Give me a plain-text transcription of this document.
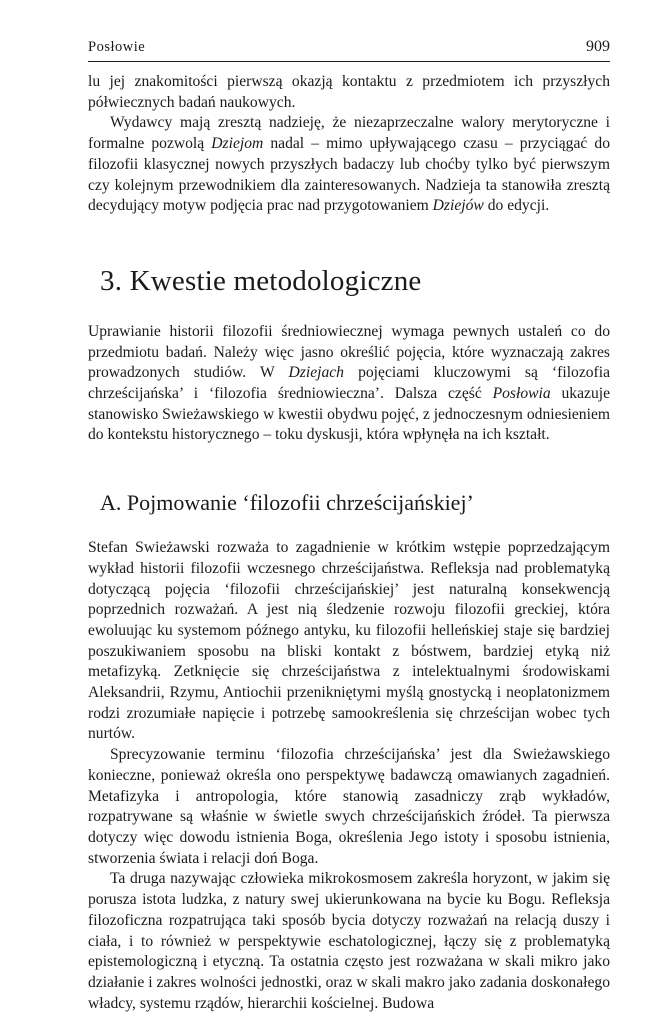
Posłowie	909

lu jej znakomitości pierwszą okazją kontaktu z przedmiotem ich przyszłych półwiecznych badań naukowych.

Wydawcy mają zresztą nadzieję, że niezaprzeczalne walory merytoryczne i formalne pozwolą Dziejom nadal – mimo upływającego czasu – przyciągać do filozofii klasycznej nowych przyszłych badaczy lub choćby tylko być pierwszym czy kolejnym przewodnikiem dla zainteresowanych. Nadzieja ta stanowiła zresztą decydujący motyw podjęcia prac nad przygotowaniem Dziejów do edycji.

3. Kwestie metodologiczne

Uprawianie historii filozofii średniowiecznej wymaga pewnych ustaleń co do przedmiotu badań. Należy więc jasno określić pojęcia, które wyznaczają zakres prowadzonych studiów. W Dziejach pojęciami kluczowymi są ‘filozofia chrześcijańska’ i ‘filozofia średniowieczna’. Dalsza część Posłowia ukazuje stanowisko Swieżawskiego w kwestii obydwu pojęć, z jednoczesnym odniesieniem do kontekstu historycznego – toku dyskusji, która wpłynęła na ich kształt.

A. Pojmowanie ‘filozofii chrześcijańskiej’

Stefan Swieżawski rozważa to zagadnienie w krótkim wstępie poprzedzającym wykład historii filozofii wczesnego chrześcijaństwa. Refleksja nad problematyką dotyczącą pojęcia ‘filozofii chrześcijańskiej’ jest naturalną konsekwencją poprzednich rozważań. A jest nią śledzenie rozwoju filozofii greckiej, która ewoluując ku systemom późnego antyku, ku filozofii helleńskiej staje się bardziej poszukiwaniem sposobu na bliski kontakt z bóstwem, bardziej etyką niż metafizyką. Zetknięcie się chrześcijaństwa z intelektualnymi środowiskami Aleksandrii, Rzymu, Antiochii przenikniętymi myślą gnostycką i neoplatonizmem rodzi zrozumiałe napięcie i potrzebę samookreślenia się chrześcijan wobec tych nurtów.

Sprecyzowanie terminu ‘filozofia chrześcijańska’ jest dla Swieżawskiego konieczne, ponieważ określa ono perspektywę badawczą omawianych zagadnień. Metafizyka i antropologia, które stanowią zasadniczy zrąb wykładów, rozpatrywane są właśnie w świetle swych chrześcijańskich źródeł. Ta pierwsza dotyczy więc dowodu istnienia Boga, określenia Jego istoty i sposobu istnienia, stworzenia świata i relacji doń Boga.

Ta druga nazywając człowieka mikrokosmosem zakreśla horyzont, w jakim się porusza istota ludzka, z natury swej ukierunkowana na bycie ku Bogu. Refleksja filozoficzna rozpatrująca taki sposób bycia dotyczy rozważań na relacją duszy i ciała, i to również w perspektywie eschatologicznej, łączy się z problematyką epistemologiczną i etyczną. Ta ostatnia często jest rozważana w skali mikro jako działanie i zakres wolności jednostki, oraz w skali makro jako zadania doskonałego władcy, systemu rządów, hierarchii kościelnej. Budowa
